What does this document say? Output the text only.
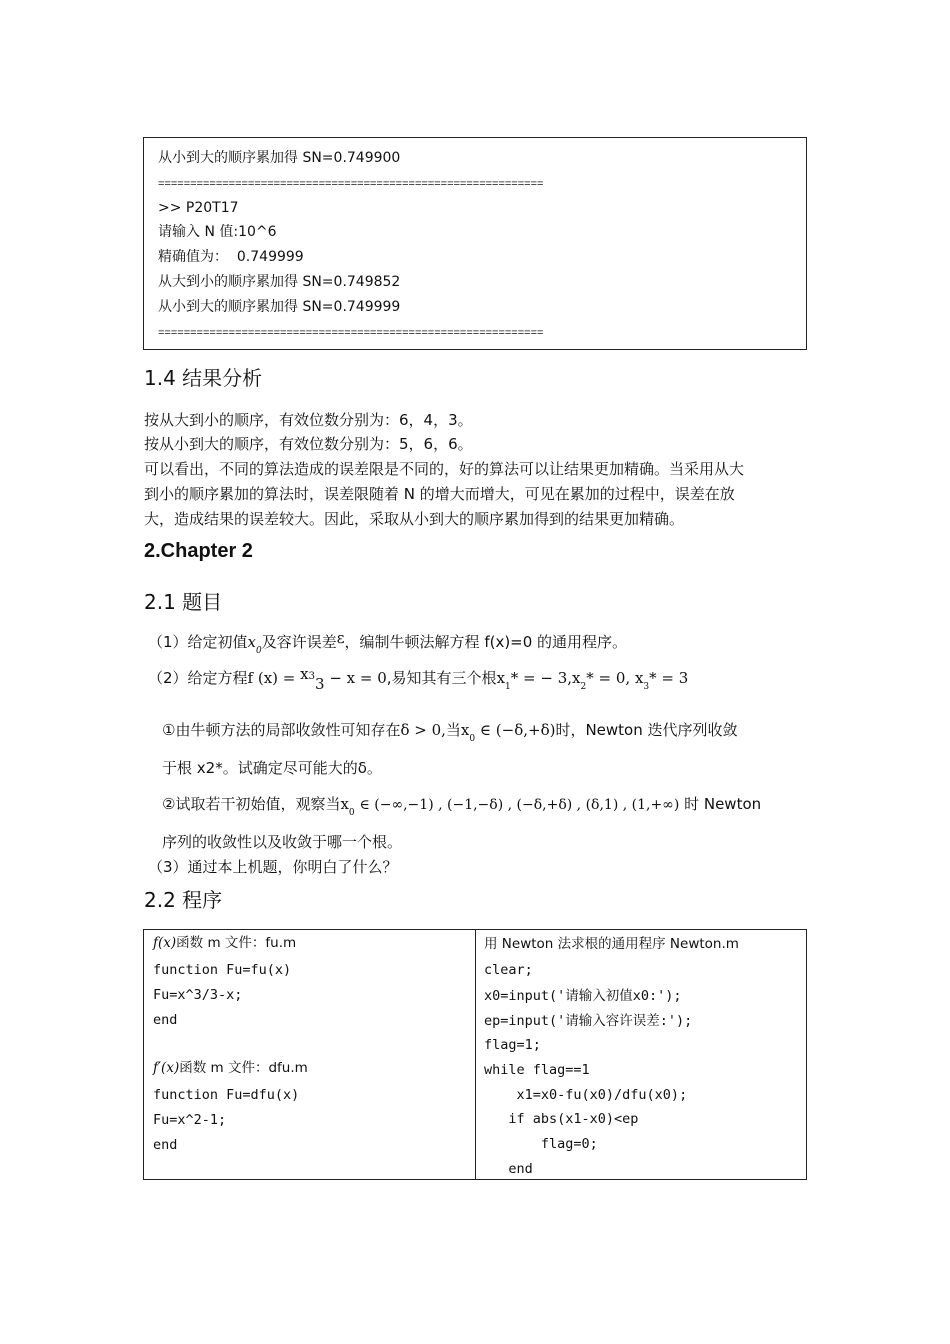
从小到大的顺序累加得 SN=0.749900
============================================================
>> P20T17
请输入 N 值:10^6
精确值为：  0.749999
从大到小的顺序累加得 SN=0.749852
从小到大的顺序累加得 SN=0.749999
============================================================
1.4 结果分析
按从大到小的顺序，有效位数分别为：6，4，3。
按从小到大的顺序，有效位数分别为：5，6，6。
可以看出，不同的算法造成的误差限是不同的，好的算法可以让结果更加精确。当采用从大
到小的顺序累加的算法时，误差限随着 N 的增大而增大，可见在累加的过程中，误差在放
大，造成结果的误差较大。因此，采取从小到大的顺序累加得到的结果更加精确。
2.Chapter 2
2.1 题目
（1）给定初值$x_0$及容许误差ε，编制牛顿法解方程 f(x)=0 的通用程序。
（2）给定方程f (x) = x33 − x = 0,易知其有三个根$x_1*$ = − $3,x_2* = 0$, $x_3* = 3$
①由牛顿方法的局部收敛性可知存在δ > 0,当$x_0$ ∈ (−δ,+δ)时，Newton 迭代序列收敛
于根 x2*。试确定尽可能大的δ。
②试取若干初始值，观察当$x_0$ ∈ (−∞,−1) , (−1,−δ) , (−δ,+δ) , (δ,1) , (1,+∞) 时 Newton
序列的收敛性以及收敛于哪一个根。
（3）通过本上机题，你明白了什么？
2.2 程序
f(x)函数 m 文件：fu.m
function Fu=fu(x)
Fu=x^3/3-x;
end
f′(x)函数 m 文件：dfu.m
function Fu=dfu(x)
Fu=x^2-1;
end
用 Newton 法求根的通用程序 Newton.m
clear;
x0=input('请输入初值x0:');
ep=input('请输入容许误差:');
flag=1;
while flag==1
x1=x0-fu(x0)/dfu(x0);
if abs(x1-x0)<ep
flag=0;
end
